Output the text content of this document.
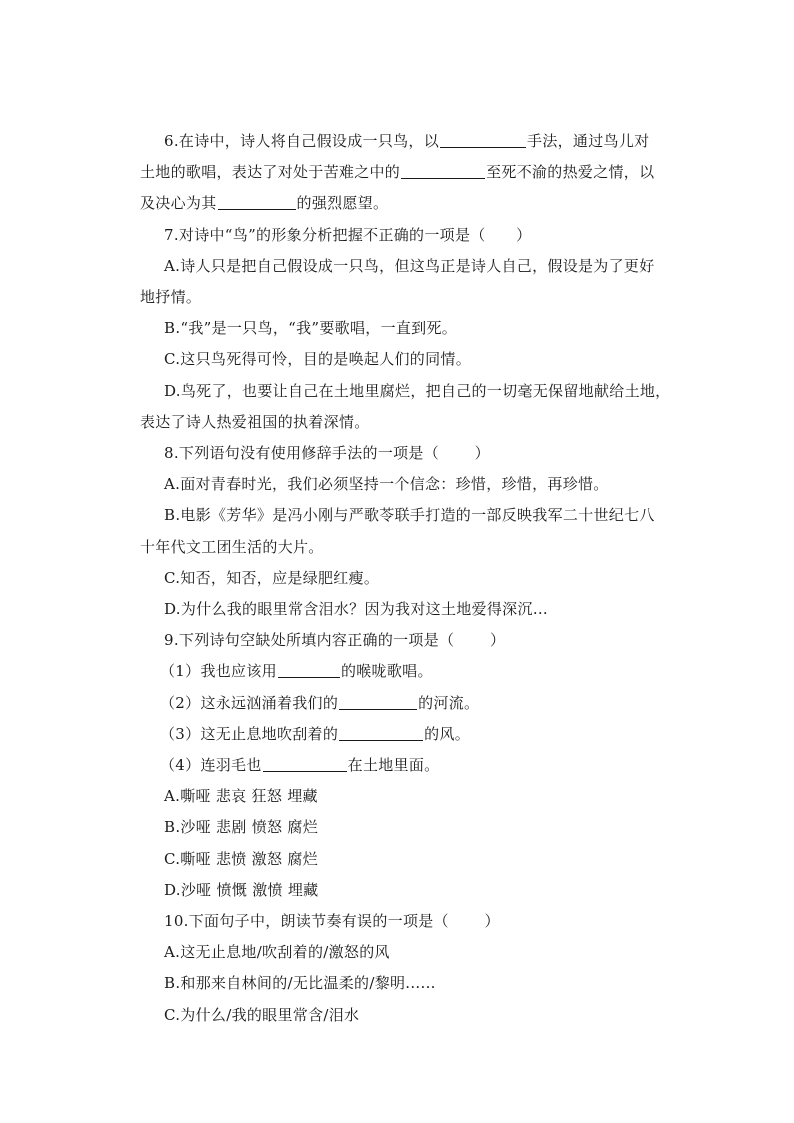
6.在诗中，诗人将自己假设成一只鸟，以	手法，通过鸟儿对
土地的歌唱，表达了对处于苦难之中的	至死不渝的热爱之情，以
及决心为其	的强烈愿望。

7.对诗中“鸟”的形象分析把握不正确的一项是（　　）

A.诗人只是把自己假设成一只鸟，但这鸟正是诗人自己，假设是为了更好
地抒情。

B.“我”是一只鸟，“我”要歌唱，一直到死。

C.这只鸟死得可怜，目的是唤起人们的同情。

D.鸟死了，也要让自己在土地里腐烂，把自己的一切毫无保留地献给土地，
表达了诗人热爱祖国的执着深情。

8.下列语句没有使用修辞手法的一项是（　　 ）

A.面对青春时光，我们必须坚持一个信念：珍惜，珍惜，再珍惜。

B.电影《芳华》是冯小刚与严歌苓联手打造的一部反映我军二十世纪七八
十年代文工团生活的大片。

C.知否，知否，应是绿肥红瘦。

D.为什么我的眼里常含泪水？因为我对这土地爱得深沉…

9.下列诗句空缺处所填内容正确的一项是（　　 ）

（1）我也应该用	的喉咙歌唱。

（2）这永远汹涌着我们的	的河流。

（3）这无止息地吹刮着的	的风。

（4）连羽毛也	在土地里面。

A.嘶哑 悲哀 狂怒 埋藏

B.沙哑 悲剧 愤怒 腐烂

C.嘶哑 悲愤 激怒 腐烂

D.沙哑 愤慨 激愤 埋藏

10.下面句子中，朗读节奏有误的一项是（　　 ）

A.这无止息地/吹刮着的/激怒的风

B.和那来自林间的/无比温柔的/黎明......

C.为什么/我的眼里常含/泪水
